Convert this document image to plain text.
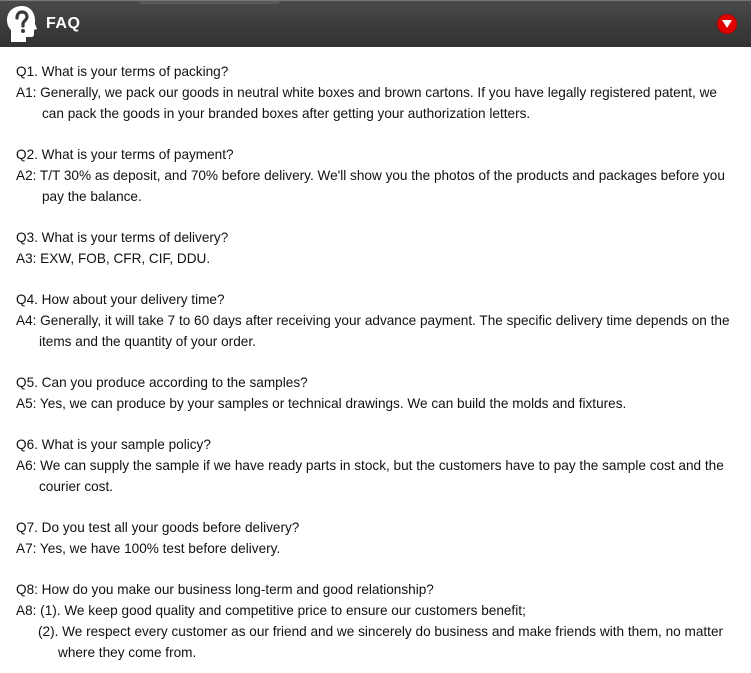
FAQ
Q1. What is your terms of packing?
A1: Generally, we pack our goods in neutral white boxes and brown cartons. If you have legally registered patent, we can pack the goods in your branded boxes after getting your authorization letters.
Q2. What is your terms of payment?
A2: T/T 30% as deposit, and 70% before delivery. We'll show you the photos of the products and packages before you pay the balance.
Q3. What is your terms of delivery?
A3: EXW, FOB, CFR, CIF, DDU.
Q4. How about your delivery time?
A4: Generally, it will take 7 to 60 days after receiving your advance payment. The specific delivery time depends on the items and the quantity of your order.
Q5. Can you produce according to the samples?
A5: Yes, we can produce by your samples or technical drawings. We can build the molds and fixtures.
Q6. What is your sample policy?
A6: We can supply the sample if we have ready parts in stock, but the customers have to pay the sample cost and the courier cost.
Q7. Do you test all your goods before delivery?
A7: Yes, we have 100% test before delivery.
Q8: How do you make our business long-term and good relationship?
A8: (1). We keep good quality and competitive price to ensure our customers benefit;
(2). We respect every customer as our friend and we sincerely do business and make friends with them, no matter where they come from.
